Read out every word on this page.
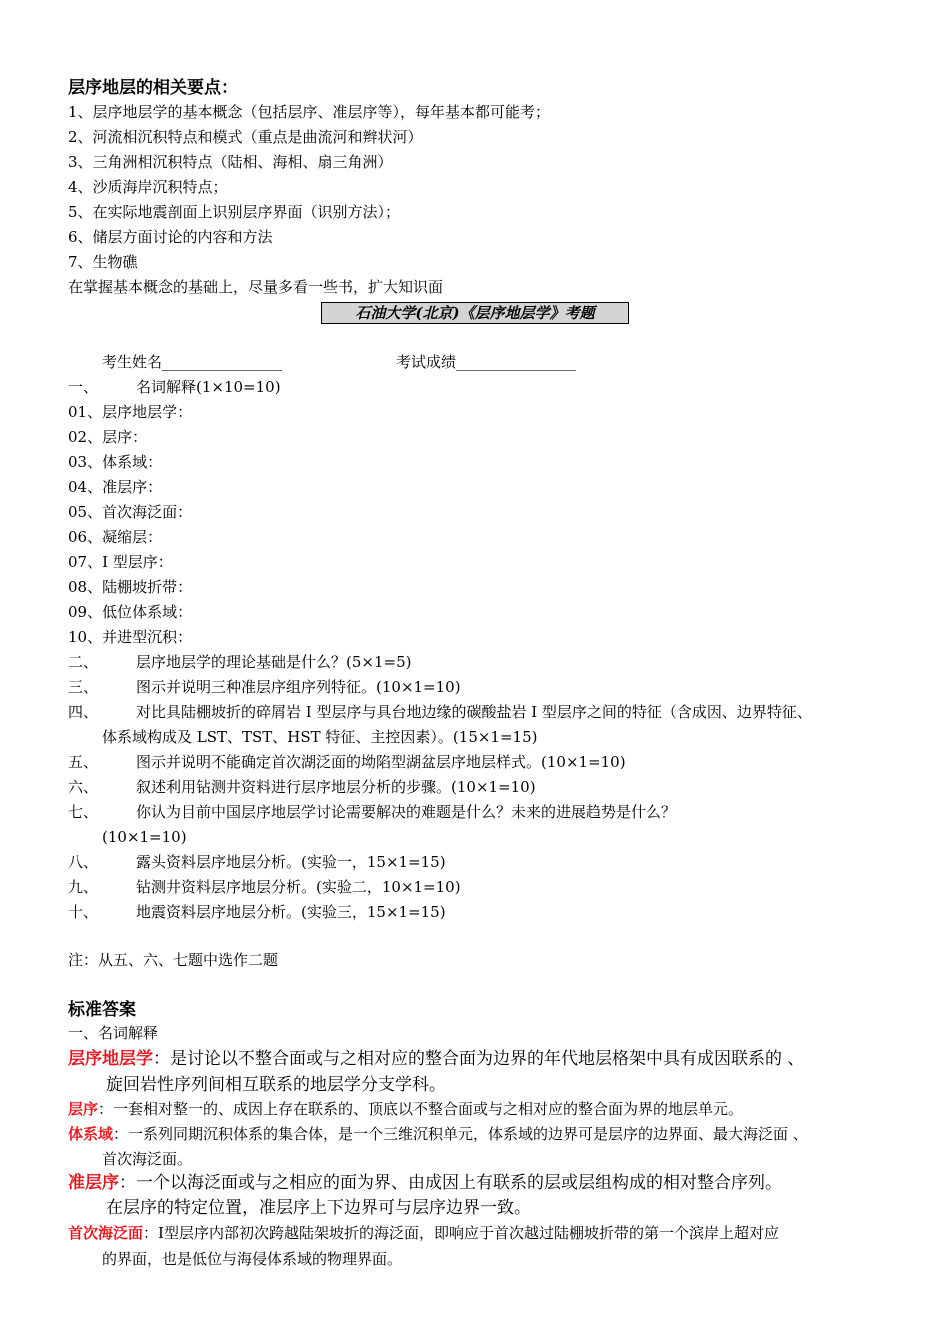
层序地层的相关要点：
1、层序地层学的基本概念（包括层序、准层序等），每年基本都可能考；
2、河流相沉积特点和模式（重点是曲流河和辫状河）
3、三角洲相沉积特点（陆相、海相、扇三角洲）
4、沙质海岸沉积特点；
5、在实际地震剖面上识别层序界面（识别方法）；
6、储层方面讨论的内容和方法
7、生物礁
在掌握基本概念的基础上，尽量多看一些书，扩大知识面
石油大学(北京)《层序地层学》考题
考生姓名________________	考试成绩________________
一、	名词解释(1×10=10)
01、层序地层学：
02、层序：
03、体系域：
04、准层序：
05、首次海泛面：
06、凝缩层：
07、I 型层序：
08、陆棚坡折带：
09、低位体系域：
10、并进型沉积：
二、	层序地层学的理论基础是什么？(5×1=5)
三、	图示并说明三种准层序组序列特征。(10×1=10)
四、	对比具陆棚坡折的碎屑岩 I 型层序与具台地边缘的碳酸盐岩 I 型层序之间的特征（含成因、边界特征、
体系域构成及 LST、TST、HST 特征、主控因素）。(15×1=15)
五、	图示并说明不能确定首次湖泛面的坳陷型湖盆层序地层样式。(10×1=10)
六、	叙述利用钻测井资料进行层序地层分析的步骤。(10×1=10)
七、	你认为目前中国层序地层学讨论需要解决的难题是什么？未来的进展趋势是什么？
(10×1=10)
八、	露头资料层序地层分析。(实验一，15×1=15)
九、	钻测井资料层序地层分析。(实验二，10×1=10)
十、	地震资料层序地层分析。(实验三，15×1=15)
注：从五、六、七题中选作二题
标准答案
一、名词解释
层序地层学：是讨论以不整合面或与之相对应的整合面为边界的年代地层格架中具有成因联系的 、
旋回岩性序列间相互联系的地层学分支学科。
层序：一套相对整一的、成因上存在联系的、顶底以不整合面或与之相对应的整合面为界的地层单元。
体系域：一系列同期沉积体系的集合体，是一个三维沉积单元，体系域的边界可是层序的边界面、最大海泛面 、
首次海泛面。
准层序：一个以海泛面或与之相应的面为界、由成因上有联系的层或层组构成的相对整合序列。
在层序的特定位置，准层序上下边界可与层序边界一致。
首次海泛面：Ⅰ型层序内部初次跨越陆架坡折的海泛面，即响应于首次越过陆棚坡折带的第一个滨岸上超对应
的界面，也是低位与海侵体系域的物理界面。
